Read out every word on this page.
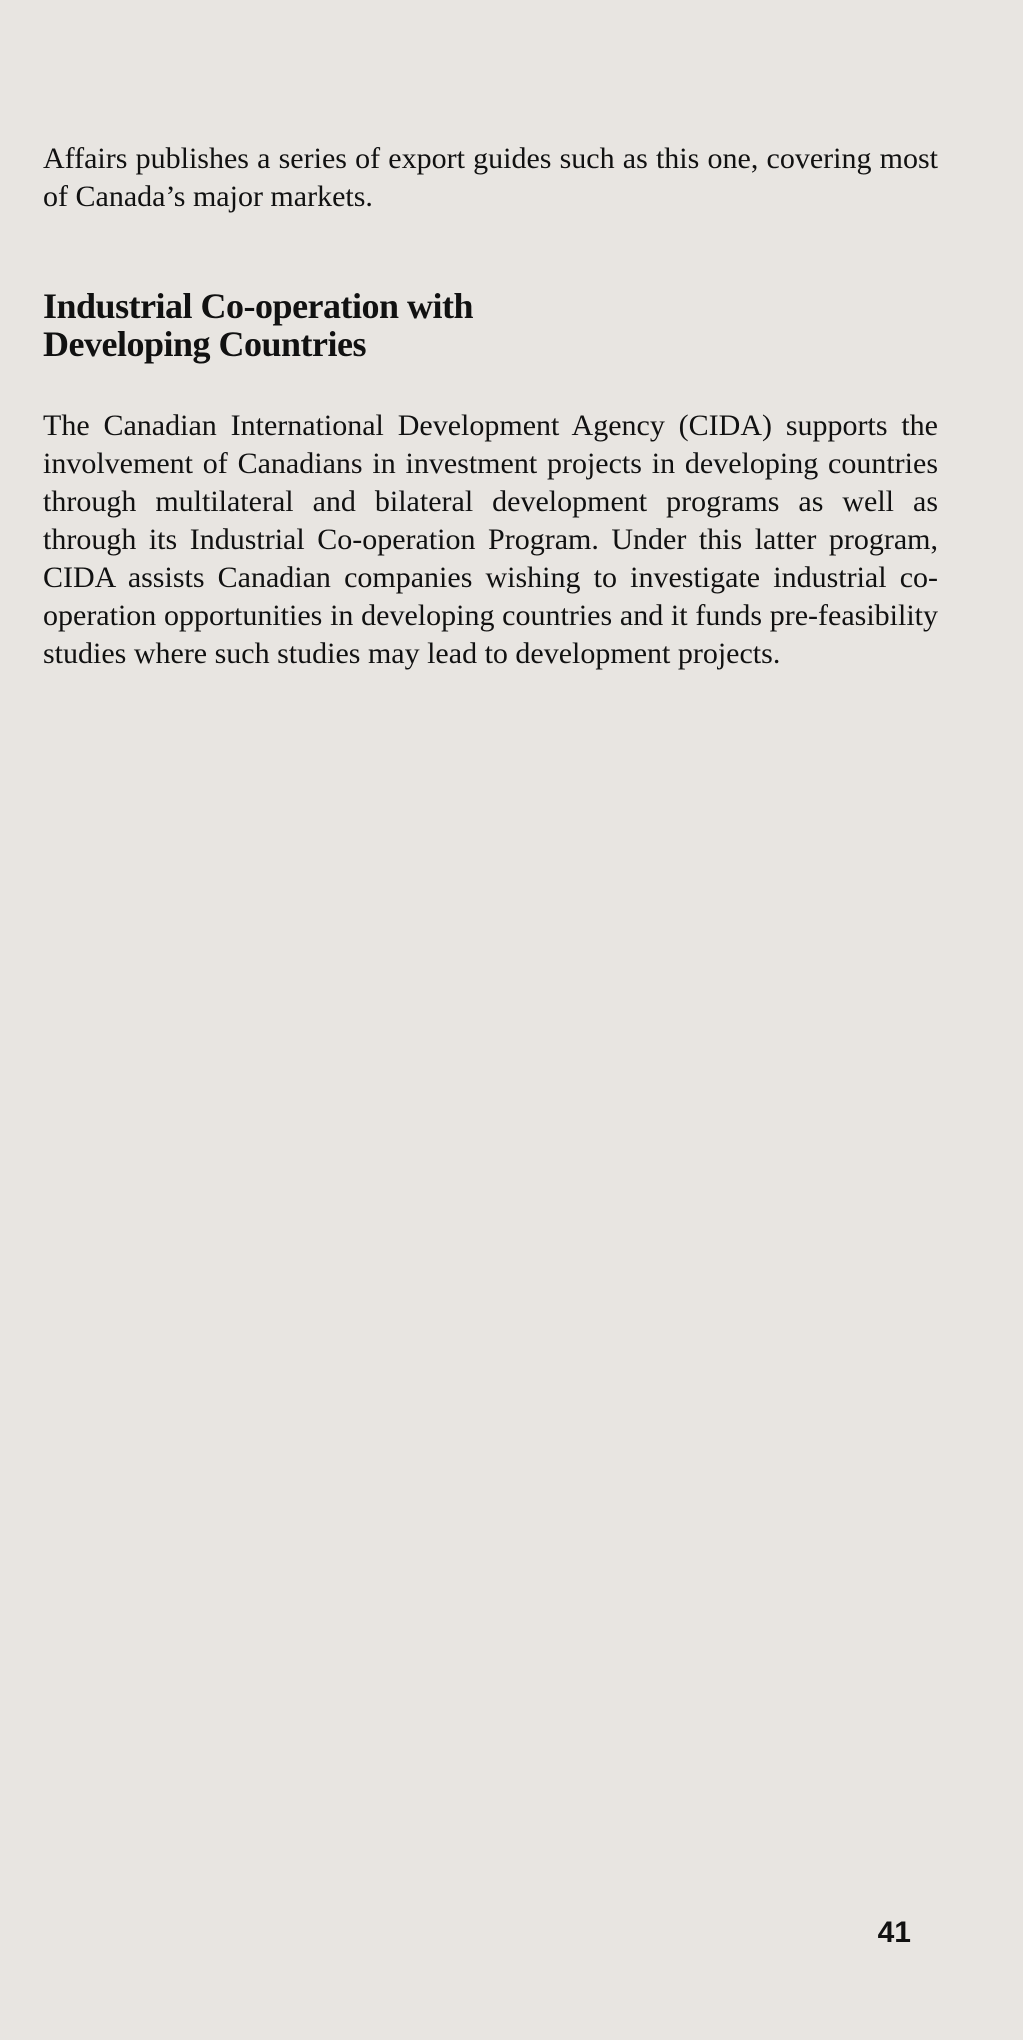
Affairs publishes a series of export guides such as this one, covering most of Canada’s major markets.

Industrial Co-operation with
Developing Countries

The Canadian International Development Agency (CIDA) supports the involvement of Canadians in investment projects in developing countries through multilateral and bilateral development programs as well as through its Industrial Co-operation Program. Under this latter program, CIDA assists Canadian companies wishing to investigate industrial co-operation opportunities in developing countries and it funds pre-feasibility studies where such studies may lead to development projects.

41
